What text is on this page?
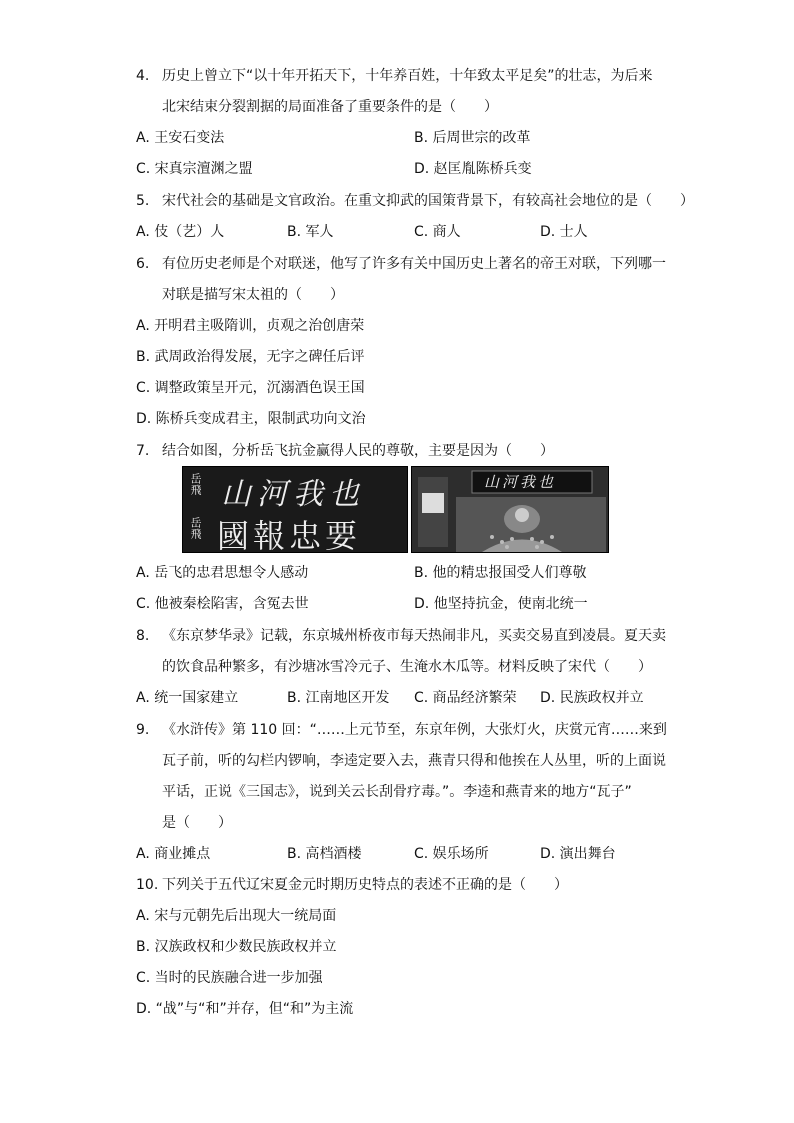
4. 历史上曾立下“以十年开拓天下，十年养百姓，十年致太平足矣”的壮志，为后来
北宋结束分裂割据的局面准备了重要条件的是（　　）
A. 王安石变法	B. 后周世宗的改革
C. 宋真宗澶渊之盟	D. 赵匡胤陈桥兵变
5. 宋代社会的基础是文官政治。在重文抑武的国策背景下，有较高社会地位的是（　　）
A. 伎（艺）人	B. 军人	C. 商人	D. 士人
6. 有位历史老师是个对联迷，他写了许多有关中国历史上著名的帝王对联，下列哪一
对联是描写宋太祖的（　　）
A. 开明君主吸隋训，贞观之治创唐荣
B. 武周政治得发展，无字之碑任后评
C. 调整政策呈开元，沉溺酒色误王国
D. 陈桥兵变成君主，限制武功向文治
7. 结合如图，分析岳飞抗金赢得人民的尊敬，主要是因为（　　）
岳飛 山河我也
岳飛 國報忠要
山河我也
A. 岳飞的忠君思想令人感动	B. 他的精忠报国受人们尊敬
C. 他被秦桧陷害，含冤去世	D. 他坚持抗金，使南北统一
8. 《东京梦华录》记载，东京城州桥夜市每天热闹非凡，买卖交易直到凌晨。夏天卖
的饮食品种繁多，有沙塘冰雪冷元子、生淹水木瓜等。材料反映了宋代（　　）
A. 统一国家建立	B. 江南地区开发 C. 商品经济繁荣 D. 民族政权并立
9. 《水浒传》第 110 回：“……上元节至，东京年例，大张灯火，庆赏元宵……来到
瓦子前，听的勾栏内锣响，李逵定要入去，燕青只得和他挨在人丛里，听的上面说
平话，正说《三国志》，说到关云长刮骨疗毒。”。李逵和燕青来的地方“瓦子”
是（　　）
A. 商业摊点	B. 高档酒楼	C. 娱乐场所	D. 演出舞台
10. 下列关于五代辽宋夏金元时期历史特点的表述不正确的是（　　）
A. 宋与元朝先后出现大一统局面
B. 汉族政权和少数民族政权并立
C. 当时的民族融合进一步加强
D. “战”与“和”并存，但“和”为主流
